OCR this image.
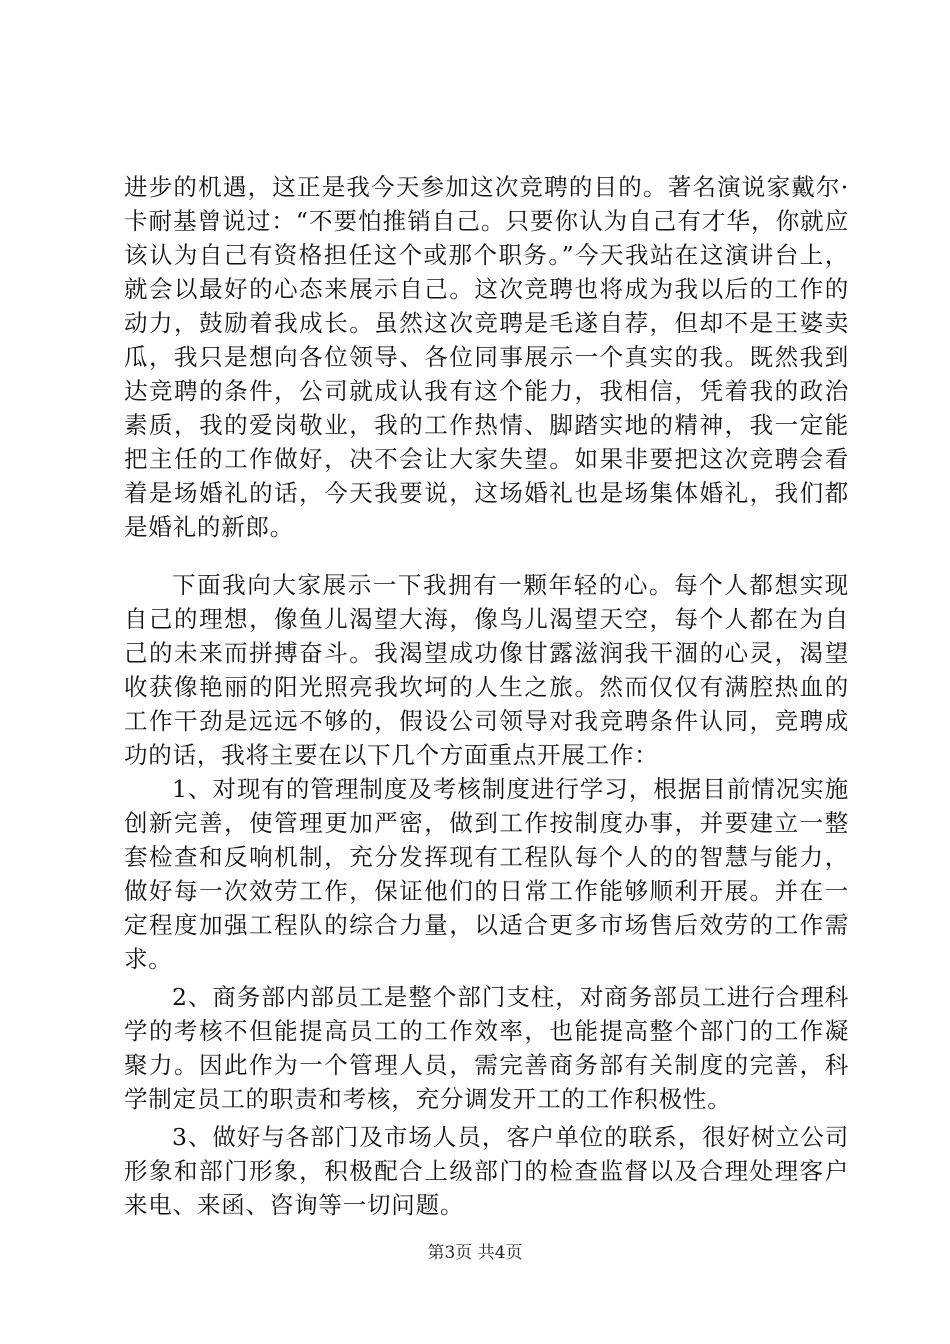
进步的机遇，这正是我今天参加这次竞聘的目的。著名演说家戴尔·卡耐基曾说过：“不要怕推销自己。只要你认为自己有才华，你就应该认为自己有资格担任这个或那个职务。”今天我站在这演讲台上，就会以最好的心态来展示自己。这次竞聘也将成为我以后的工作的动力，鼓励着我成长。虽然这次竞聘是毛遂自荐，但却不是王婆卖瓜，我只是想向各位领导、各位同事展示一个真实的我。既然我到达竞聘的条件，公司就成认我有这个能力，我相信，凭着我的政治素质，我的爱岗敬业，我的工作热情、脚踏实地的精神，我一定能把主任的工作做好，决不会让大家失望。如果非要把这次竞聘会看着是场婚礼的话，今天我要说，这场婚礼也是场集体婚礼，我们都是婚礼的新郎。

下面我向大家展示一下我拥有一颗年轻的心。每个人都想实现自己的理想，像鱼儿渴望大海，像鸟儿渴望天空，每个人都在为自己的未来而拼搏奋斗。我渴望成功像甘露滋润我干涸的心灵，渴望收获像艳丽的阳光照亮我坎坷的人生之旅。然而仅仅有满腔热血的工作干劲是远远不够的，假设公司领导对我竞聘条件认同，竞聘成功的话，我将主要在以下几个方面重点开展工作：

1、对现有的管理制度及考核制度进行学习，根据目前情况实施创新完善，使管理更加严密，做到工作按制度办事，并要建立一整套检查和反响机制，充分发挥现有工程队每个人的的智慧与能力，做好每一次效劳工作，保证他们的日常工作能够顺利开展。并在一定程度加强工程队的综合力量，以适合更多市场售后效劳的工作需求。

2、商务部内部员工是整个部门支柱，对商务部员工进行合理科学的考核不但能提高员工的工作效率，也能提高整个部门的工作凝聚力。因此作为一个管理人员，需完善商务部有关制度的完善，科学制定员工的职责和考核，充分调发开工的工作积极性。

3、做好与各部门及市场人员，客户单位的联系，很好树立公司形象和部门形象，积极配合上级部门的检查监督以及合理处理客户来电、来函、咨询等一切问题。

第3页 共4页
